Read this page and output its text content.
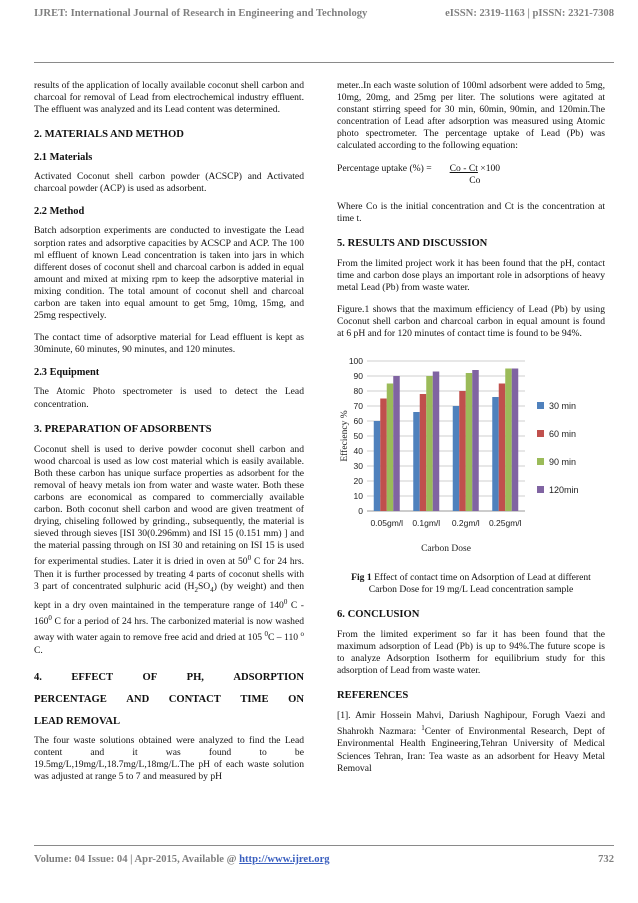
IJRET: International Journal of Research in Engineering and Technology	eISSN: 2319-1163 | pISSN: 2321-7308

results of the application of locally available coconut shell carbon and charcoal for removal of Lead from electrochemical industry effluent. The effluent was analyzed and its Lead content was determined.

2. MATERIALS AND METHOD
2.1 Materials

Activated Coconut shell carbon powder (ACSCP) and Activated charcoal powder (ACP) is used as adsorbent.

2.2 Method

Batch adsorption experiments are conducted to investigate the Lead sorption rates and adsorptive capacities by ACSCP and ACP. The 100 ml effluent of known Lead concentration is taken into jars in which different doses of coconut shell and charcoal carbon is added in equal amount and mixed at mixing rpm to keep the adsorptive material in mixing condition. The total amount of coconut shell and charcoal carbon are taken into equal amount to get 5mg, 10mg, 15mg, and 25mg respectively.

The contact time of adsorptive material for Lead effluent is kept as 30minute, 60 minutes, 90 minutes, and 120 minutes.

2.3 Equipment

The Atomic Photo spectrometer is used to detect the Lead concentration.

3. PREPARATION OF ADSORBENTS

Coconut shell is used to derive powder coconut shell carbon and wood charcoal is used as low cost material which is easily available. Both these carbon has unique surface properties as adsorbent for the removal of heavy metals ion from water and waste water. Both these carbons are economical as compared to commercially available carbon. Both coconut shell carbon and wood are given treatment of drying, chiseling followed by grinding., subsequently, the material is sieved through sieves [ISI 30(0.296mm) and ISI 15 (0.151 mm) ] and the material passing through on ISI 30 and retaining on ISI 15 is used for experimental studies. Later it is dried in oven at $50^0$ C for 24 hrs. Then it is further processed by treating 4 parts of coconut shells with 3 part of concentrated sulphuric acid $(H_2SO_4)$ (by weight) and then kept in a dry oven maintained in the temperature range of $140^0$ C - $160^0$ C for a period of 24 hrs. The carbonized material is now washed away with water again to remove free acid and dried at 105 $^0$C – 110 $^o$ C.

4.	EFFECT	OF	PH,	ADSORPTION
PERCENTAGE AND CONTACT TIME ON
LEAD REMOVAL

The four waste solutions obtained were analyzed to find the Lead content and it was found to be 19.5mg/L,19mg/L,18.7mg/L,18mg/L.The pH of each waste solution was adjusted at range 5 to 7 and measured by pH

meter..In each waste solution of 100ml adsorbent were added to 5mg, 10mg, 20mg, and 25mg per liter. The solutions were agitated at constant stirring speed for 30 min, 60min, 90min, and 120min.The concentration of Lead after adsorption was measured using Atomic photo spectrometer. The percentage uptake of Lead (Pb) was calculated according to the following equation:

Percentage uptake (%) = Co - Ct ×100
Co

Where Co is the initial concentration and Ct is the concentration at time t.

5. RESULTS AND DISCUSSION

From the limited project work it has been found that the pH, contact time and carbon dose plays an important role in adsorptions of heavy metal Lead (Pb) from waste water.

Figure.1 shows that the maximum efficiency of Lead (Pb) by using Coconut shell carbon and charcoal carbon in equal amount is found at 6 pH and for 120 minutes of contact time is found to be 94%.

0
10
20
30
40
50
60
70
80
90
100
0.05gm/l 0.1gm/l 0.2gm/l 0.25gm/l
Carbon Dose
Effeciency %
30 min
60 min
90 min
120min
Fig 1 Effect of contact time on Adsorption of Lead at different Carbon Dose for 19 mg/L Lead concentration sample
6. CONCLUSION

From the limited experiment so far it has been found that the maximum adsorption of Lead (Pb) is up to 94%.The future scope is to analyze Adsorption Isotherm for equilibrium study for this adsorption of Lead from waste water.

REFERENCES

[1]. Amir Hossein Mahvi, Dariush Naghipour, Forugh Vaezi and Shahrokh Nazmara: $^1$Center of Environmental Research, Dept of Environmental Health Engineering,Tehran University of Medical Sciences Tehran, Iran: Tea waste as an adsorbent for Heavy Metal Removal

Volume: 04 Issue: 04 | Apr-2015, Available @ http://www.ijret.org	732
